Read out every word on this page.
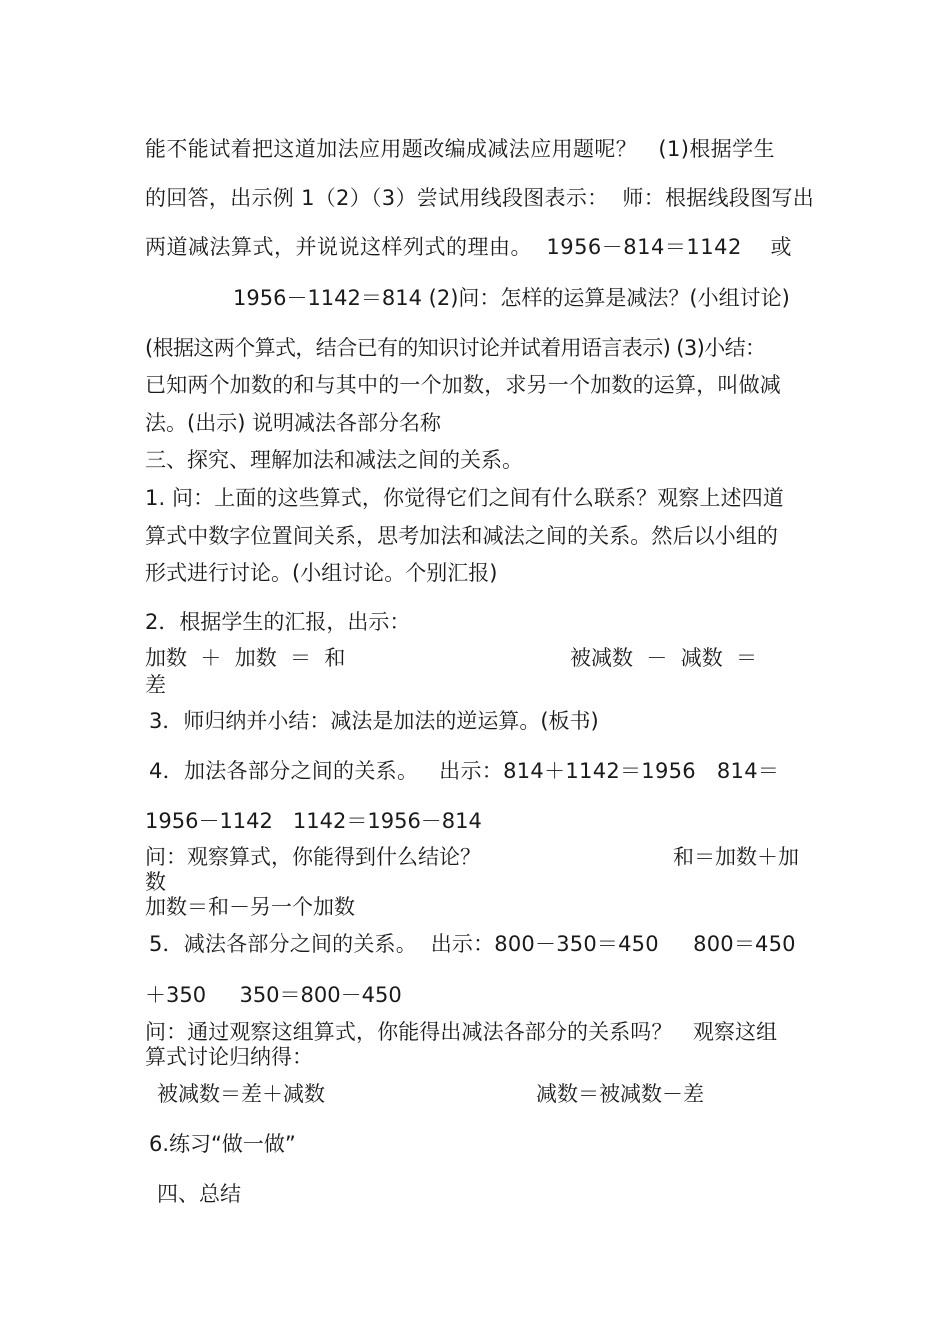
能不能试着把这道加法应用题改编成减法应用题呢？   (1)根据学生

的回答，出示例 1（2）（3）尝试用线段图表示：  师：根据线段图写出

两道减法算式，并说说这样列式的理由。  1956－814＝1142    或

1956－1142＝814 (2)问：怎样的运算是减法？(小组讨论)

(根据这两个算式，结合已有的知识讨论并试着用语言表示) (3)小结：

已知两个加数的和与其中的一个加数，求另一个加数的运算，叫做减

法。(出示) 说明减法各部分名称

三、探究、理解加法和减法之间的关系。

1. 问：上面的这些算式，你觉得它们之间有什么联系？观察上述四道

算式中数字位置间关系，思考加法和减法之间的关系。然后以小组的

形式进行讨论。(小组讨论。个别汇报)

2．根据学生的汇报，出示：

加数  ＋  加数  ＝  和	被减数  －  减数  ＝

差

3．师归纳并小结：减法是加法的逆运算。(板书)

4．加法各部分之间的关系。   出示：814＋1142＝1956   814＝

1956－1142   1142＝1956－814

问：观察算式，你能得到什么结论？	和＝加数＋加

数

加数＝和－另一个加数

5．减法各部分之间的关系。  出示：800－350＝450     800＝450

＋350     350＝800－450

问：通过观察这组算式，你能得出减法各部分的关系吗？   观察这组

算式讨论归纳得：

被减数＝差＋减数	减数＝被减数－差

6.练习“做一做”

四、总结
